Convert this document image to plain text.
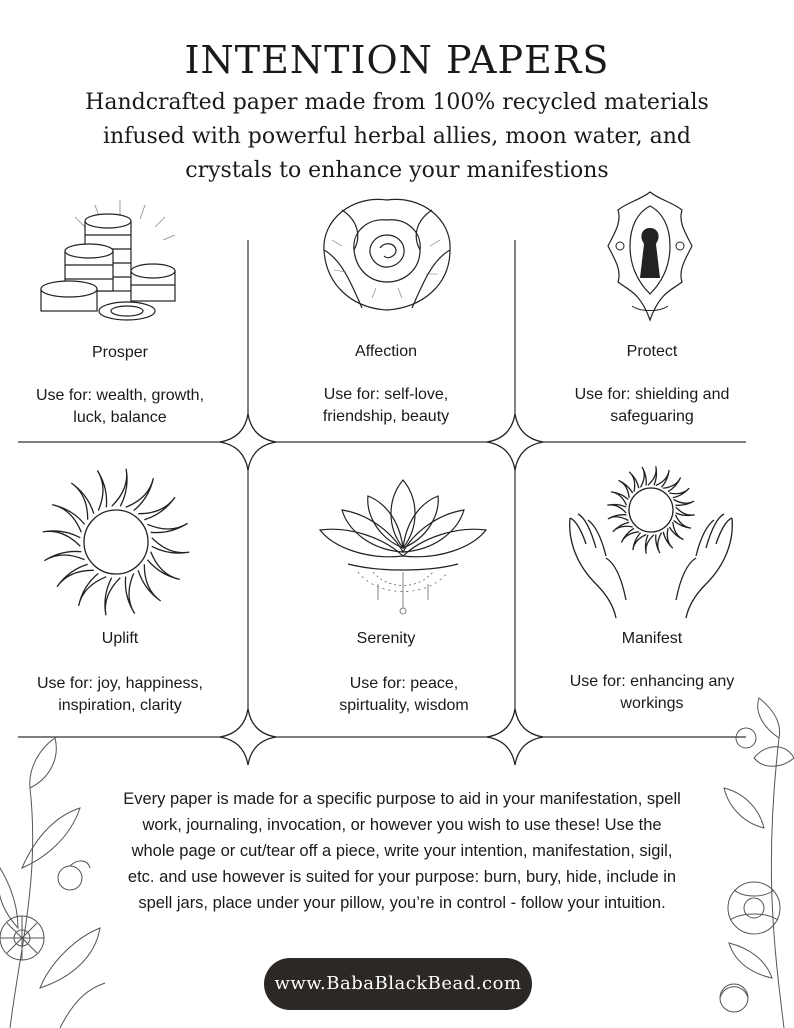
INTENTION PAPERS
Handcrafted paper made from 100% recycled materials
infused with powerful herbal allies, moon water, and
crystals to enhance your manifestions
Prosper
Use for: wealth, growth,
luck, balance
Affection
Use for: self-love,
friendship, beauty
Protect
Use for: shielding and
safeguaring
Uplift
Use for: joy, happiness,
inspiration, clarity
Serenity
Use for: peace,
spirtuality, wisdom
Manifest
Use for: enhancing any
workings
Every paper is made for a specific purpose to aid in your manifestation, spell
work, journaling, invocation, or however you wish to use these! Use the
whole page or cut/tear off a piece, write your intention, manifestation, sigil,
etc. and use however is suited for your purpose: burn, bury, hide, include in
spell jars, place under your pillow, you’re in control - follow your intuition.
www.BabaBlackBead.com
